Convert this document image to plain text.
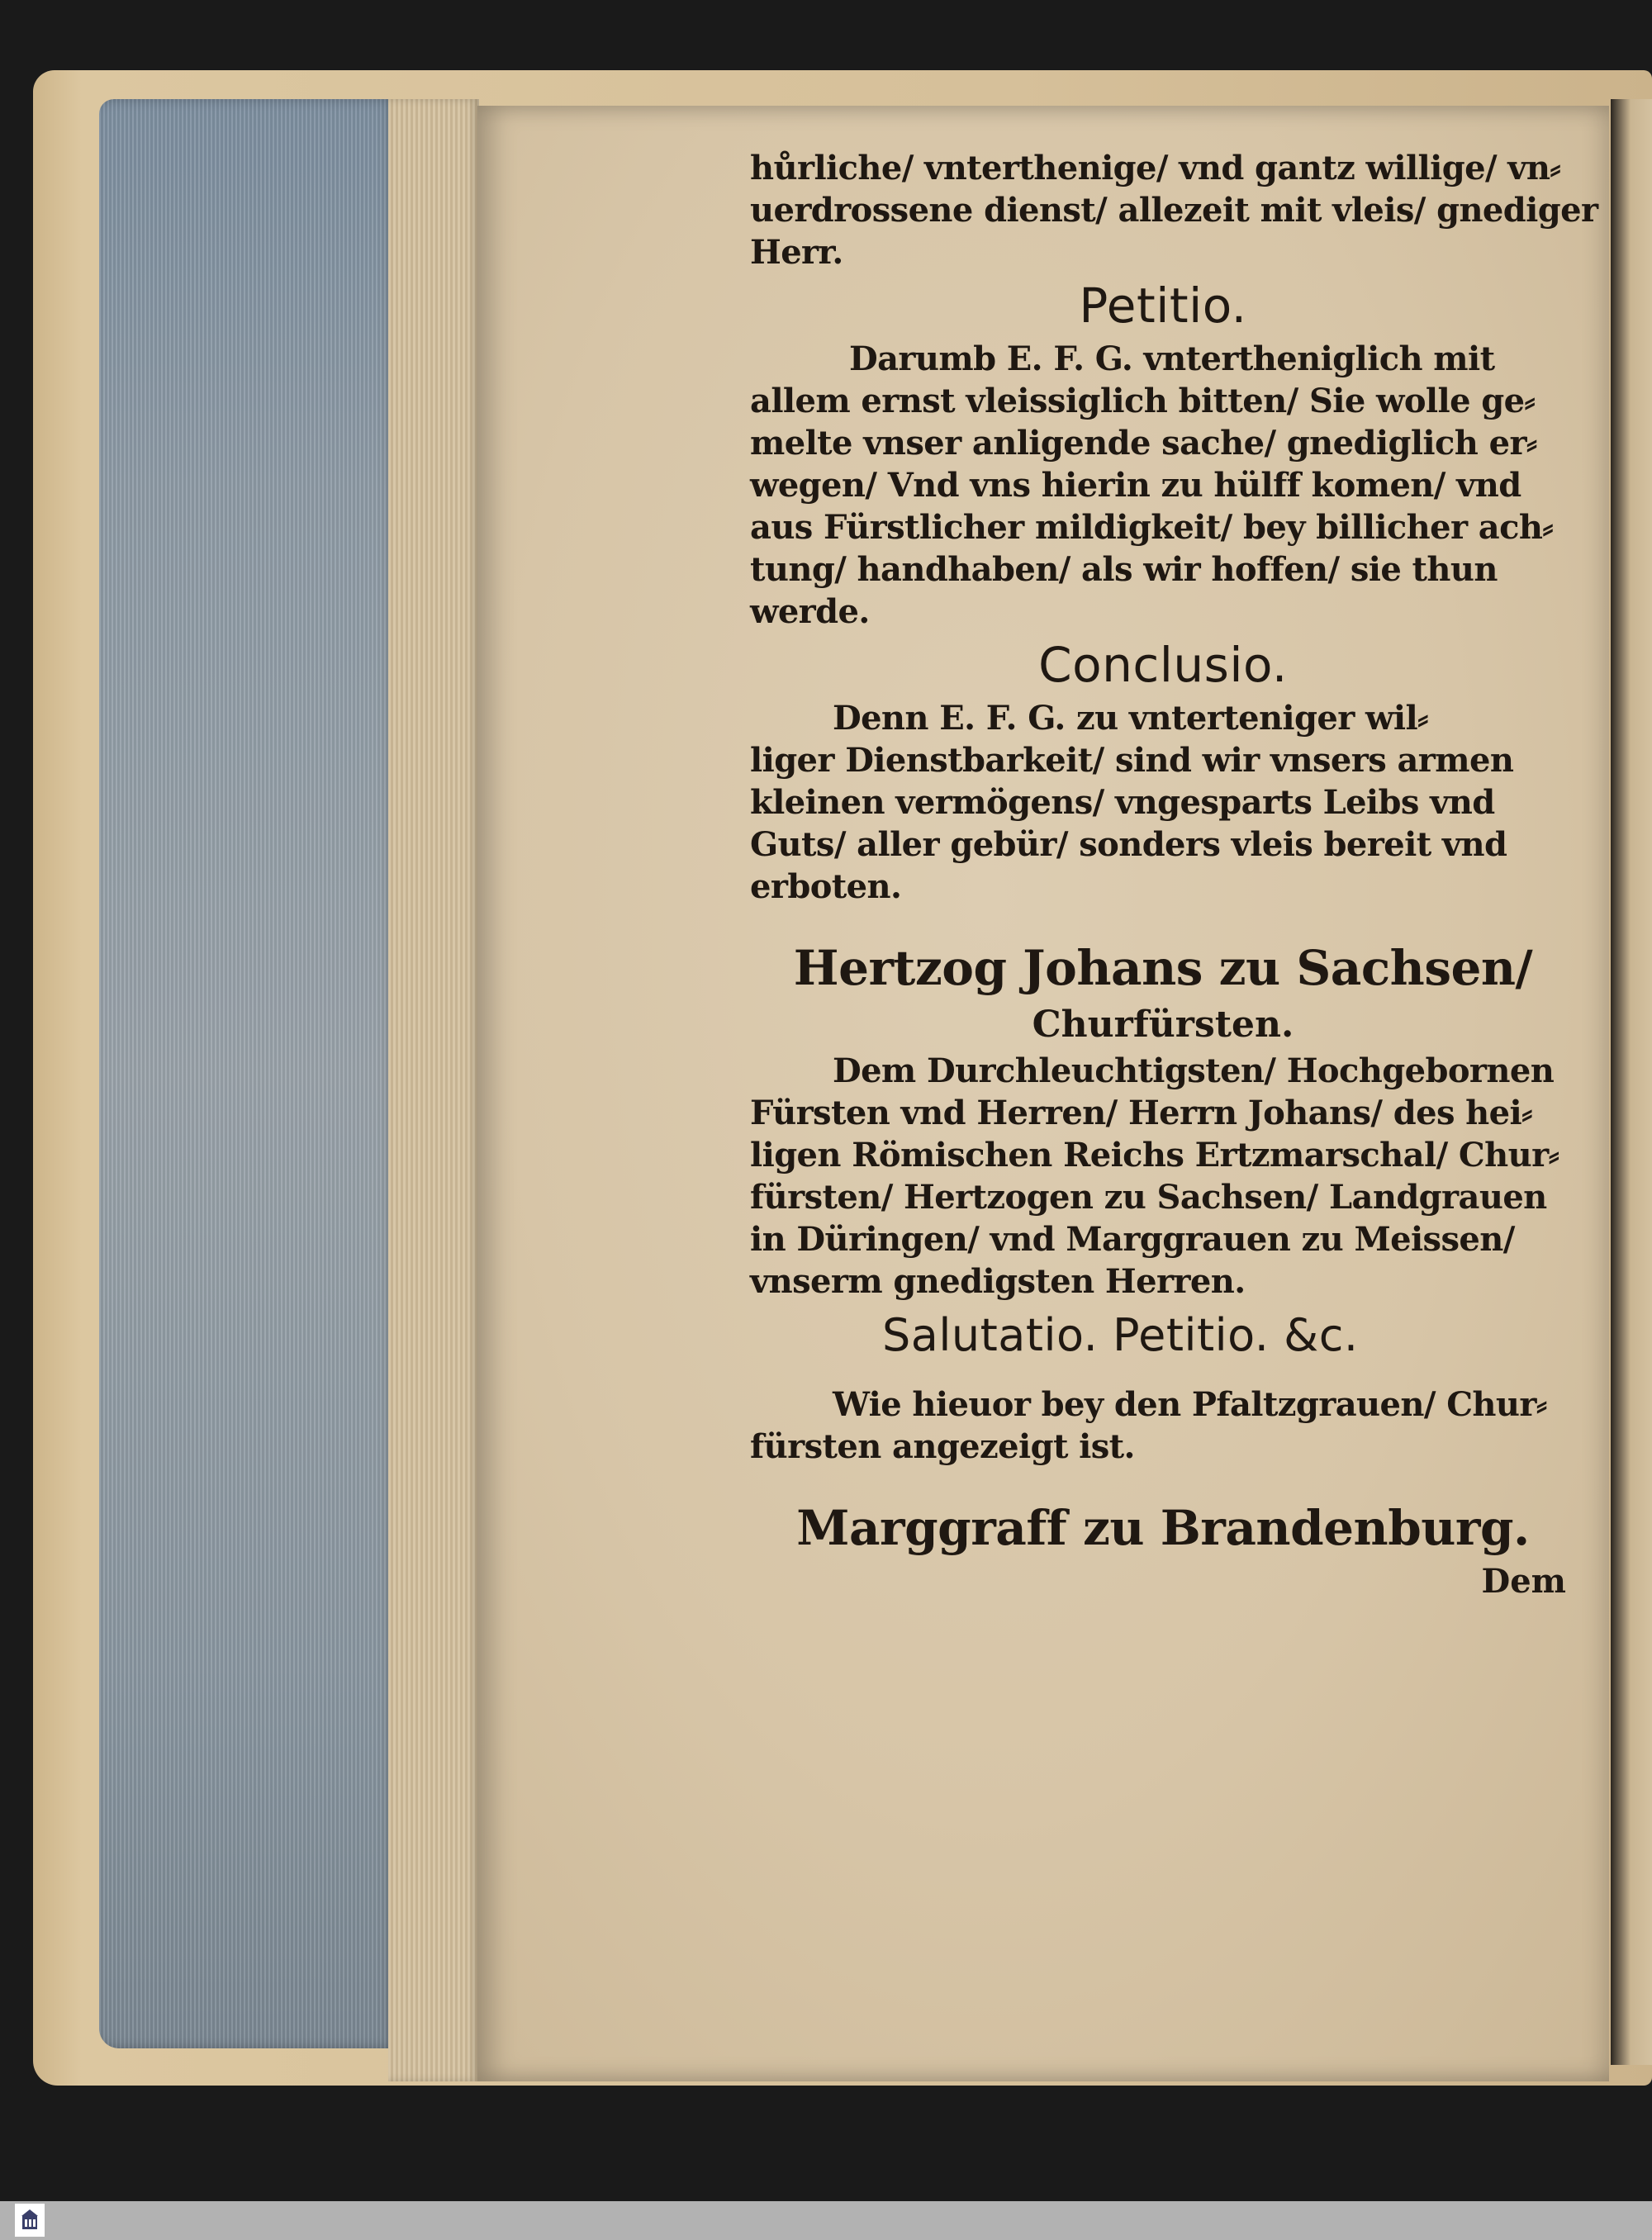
hůrliche/ vnterthenige/ vnd gantz willige/ vn⸗
uerdrossene dienst/ allezeit mit vleis/ gnediger
Herr.
Petitio.
Darumb E. F. G. vntertheniglich mit
allem ernst vleissiglich bitten/ Sie wolle ge⸗
melte vnser anligende sache/ gnediglich er⸗
wegen/ Vnd vns hierin zu hülff komen/ vnd
aus Fürstlicher mildigkeit/ bey billicher ach⸗
tung/ handhaben/ als wir hoffen/ sie thun
werde.
Conclusio.
Denn E. F. G. zu vnterteniger wil⸗
liger Dienstbarkeit/ sind wir vnsers armen
kleinen vermögens/ vngesparts Leibs vnd
Guts/ aller gebür/ sonders vleis bereit vnd
erboten.
Hertzog Johans zu Sachsen/
Churfürsten.
Dem Durchleuchtigsten/ Hochgebornen
Fürsten vnd Herren/ Herrn Johans/ des hei⸗
ligen Römischen Reichs Ertzmarschal/ Chur⸗
fürsten/ Hertzogen zu Sachsen/ Landgrauen
in Düringen/ vnd Marggrauen zu Meissen/
vnserm gnedigsten Herren.
Salutatio. Petitio. &c.
Wie hieuor bey den Pfaltzgrauen/ Chur⸗
fürsten angezeigt ist.
Marggraff zu Brandenburg.
Dem
